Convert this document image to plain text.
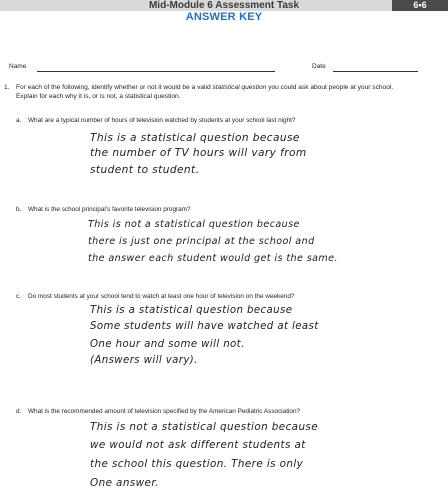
Mid-Module 6 Assessment Task	6•6
ANSWER KEY
Name	Date
1. For each of the following, identify whether or not it would be a valid statistical question you could ask about people at your school. Explain for each why it is, or is not, a statistical question.
a. What are a typical number of hours of television watched by students at your school last night?
This is a statistical question because
the number of TV hours will vary from
student to student.
b. What is the school principal’s favorite television program?
This is not a statistical question because
there is just one principal at the school and
the answer each student would get is the same.
c. Do most students at your school tend to watch at least one hour of television on the weekend?
This is a statistical question because
Some students will have watched at least
One hour and some will not.
(Answers will vary).
d. What is the recommended amount of television specified by the American Pediatric Association?
This is not a statistical question because
we would not ask different students at
the school this question. There is only
One answer.
